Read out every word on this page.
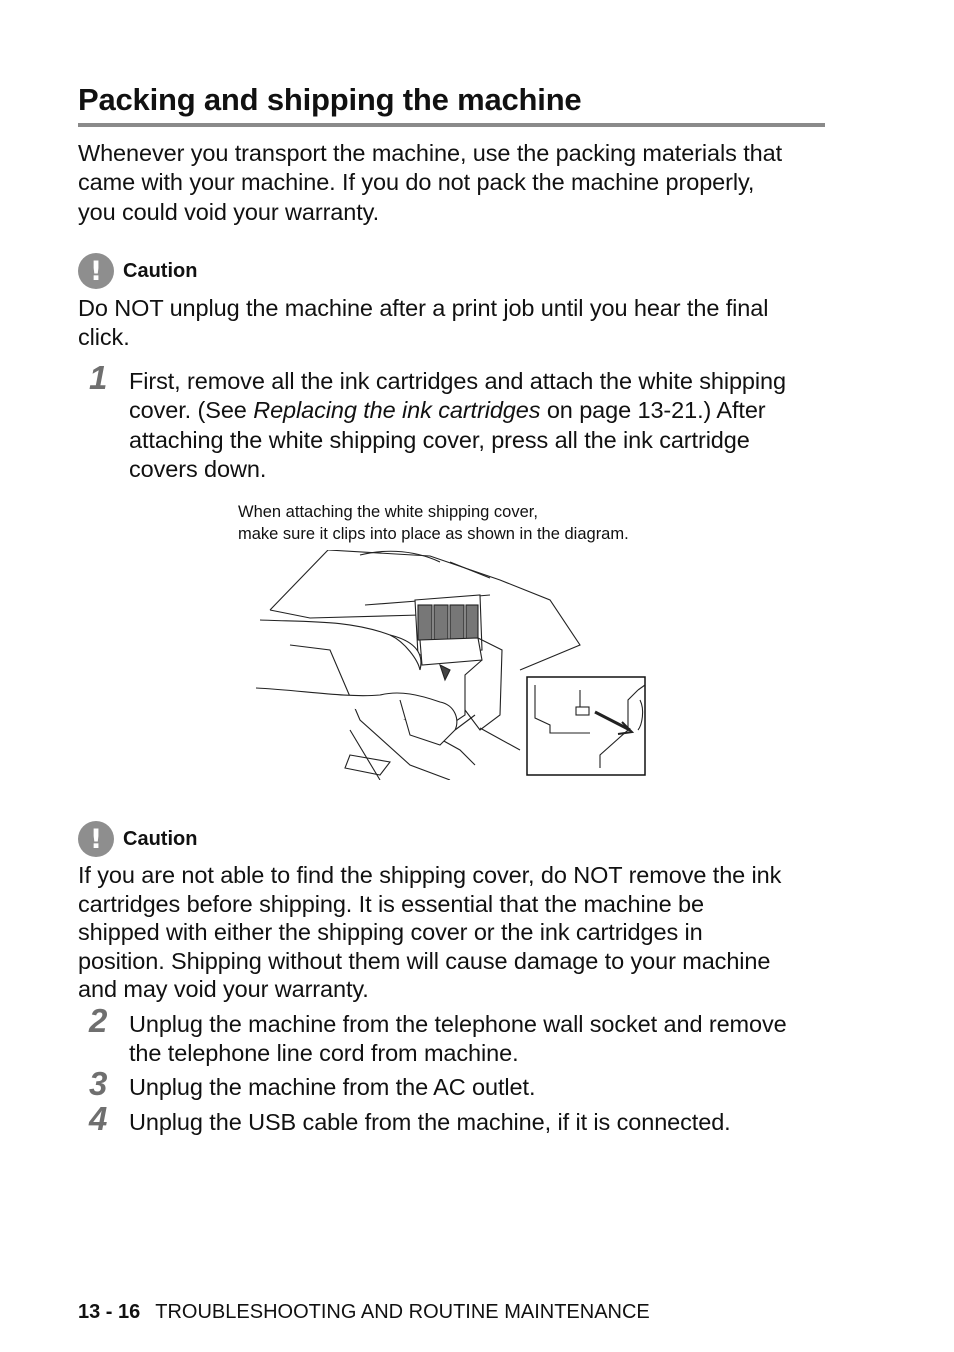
Packing and shipping the machine
Whenever you transport the machine, use the packing materials that
came with your machine. If you do not pack the machine properly,
you could void your warranty.
!	Caution
Do NOT unplug the machine after a print job until you hear the final
click.
1 First, remove all the ink cartridges and attach the white shipping
cover. (See Replacing the ink cartridges on page 13-21.) After
attaching the white shipping cover, press all the ink cartridge
covers down.
When attaching the white shipping cover,
make sure it clips into place as shown in the diagram.
!	Caution
If you are not able to find the shipping cover, do NOT remove the ink
cartridges before shipping. It is essential that the machine be
shipped with either the shipping cover or the ink cartridges in
position. Shipping without them will cause damage to your machine
and may void your warranty.
2 Unplug the machine from the telephone wall socket and remove
the telephone line cord from machine.
3 Unplug the machine from the AC outlet.
4 Unplug the USB cable from the machine, if it is connected.
13 - 16 TROUBLESHOOTING AND ROUTINE MAINTENANCE
